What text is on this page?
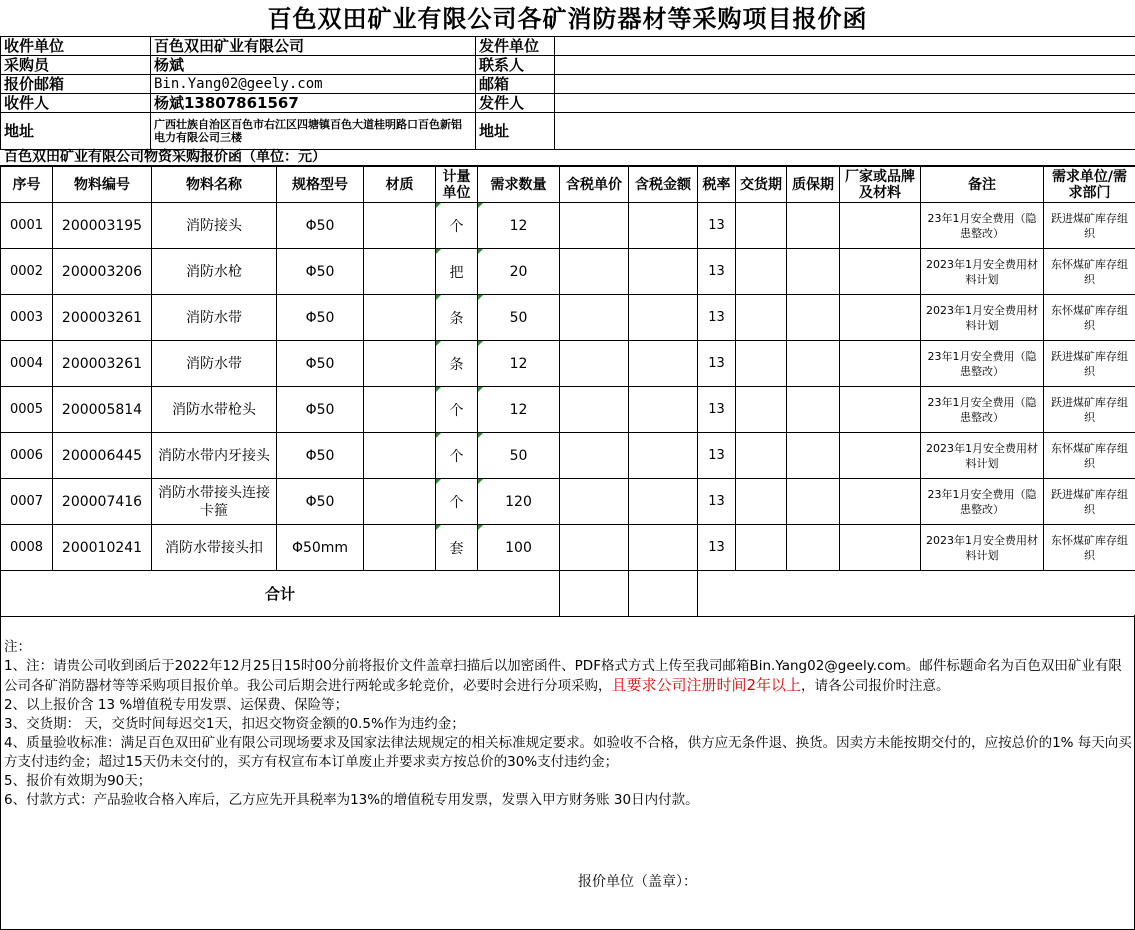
百色双田矿业有限公司各矿消防器材等采购项目报价函
收件单位	百色双田矿业有限公司	发件单位	
采购员	杨斌	联系人	
报价邮箱	Bin.Yang02@geely.com	邮箱	
收件人	杨斌13807861567	发件人	
地址	广西壮族自治区百色市右江区四塘镇百色大道桂明路口百色新铝电力有限公司三楼	地址	
百色双田矿业有限公司物资采购报价函（单位：元）
序号	物料编号	物料名称	规格型号	材质	计量单位	需求数量	含税单价	含税金额	税率	交货期	质保期	厂家或品牌及材料	备注	需求单位/需求部门
0001	200003195	消防接头	Φ50		个	12			13				23年1月安全费用（隐患整改）	跃进煤矿库存组织
0002	200003206	消防水枪	Φ50		把	20			13				2023年1月安全费用材料计划	东怀煤矿库存组织
0003	200003261	消防水带	Φ50		条	50			13				2023年1月安全费用材料计划	东怀煤矿库存组织
0004	200003261	消防水带	Φ50		条	12			13				23年1月安全费用（隐患整改）	跃进煤矿库存组织
0005	200005814	消防水带枪头	Φ50		个	12			13				23年1月安全费用（隐患整改）	跃进煤矿库存组织
0006	200006445	消防水带内牙接头	Φ50		个	50			13				2023年1月安全费用材料计划	东怀煤矿库存组织
0007	200007416	消防水带接头连接卡箍	Φ50		个	120			13				23年1月安全费用（隐患整改）	跃进煤矿库存组织
0008	200010241	消防水带接头扣	Φ50mm		套	100			13				2023年1月安全费用材料计划	东怀煤矿库存组织
合计														
注：
1、注：请贵公司收到函后于2022年12月25日15时00分前将报价文件盖章扫描后以加密函件、PDF格式方式上传至我司邮箱Bin.Yang02@geely.com。邮件标题命名为百色双田矿业有限公司各矿消防器材等等采购项目报价单。我公司后期会进行两轮或多轮竞价，必要时会进行分项采购，且要求公司注册时间2年以上，请各公司报价时注意。
2、以上报价含 13 %增值税专用发票、运保费、保险等；
3、交货期： 天，交货时间每迟交1天，扣迟交物资金额的0.5%作为违约金；
4、质量验收标准：满足百色双田矿业有限公司现场要求及国家法律法规规定的相关标准规定要求。如验收不合格，供方应无条件退、换货。因卖方未能按期交付的，应按总价的1% 每天向买方支付违约金；超过15天仍未交付的，买方有权宣布本订单废止并要求卖方按总价的30%支付违约金；
5、报价有效期为90天；
6、付款方式：产品验收合格入库后，乙方应先开具税率为13%的增值税专用发票，发票入甲方财务账 30日内付款。
报价单位（盖章）：
